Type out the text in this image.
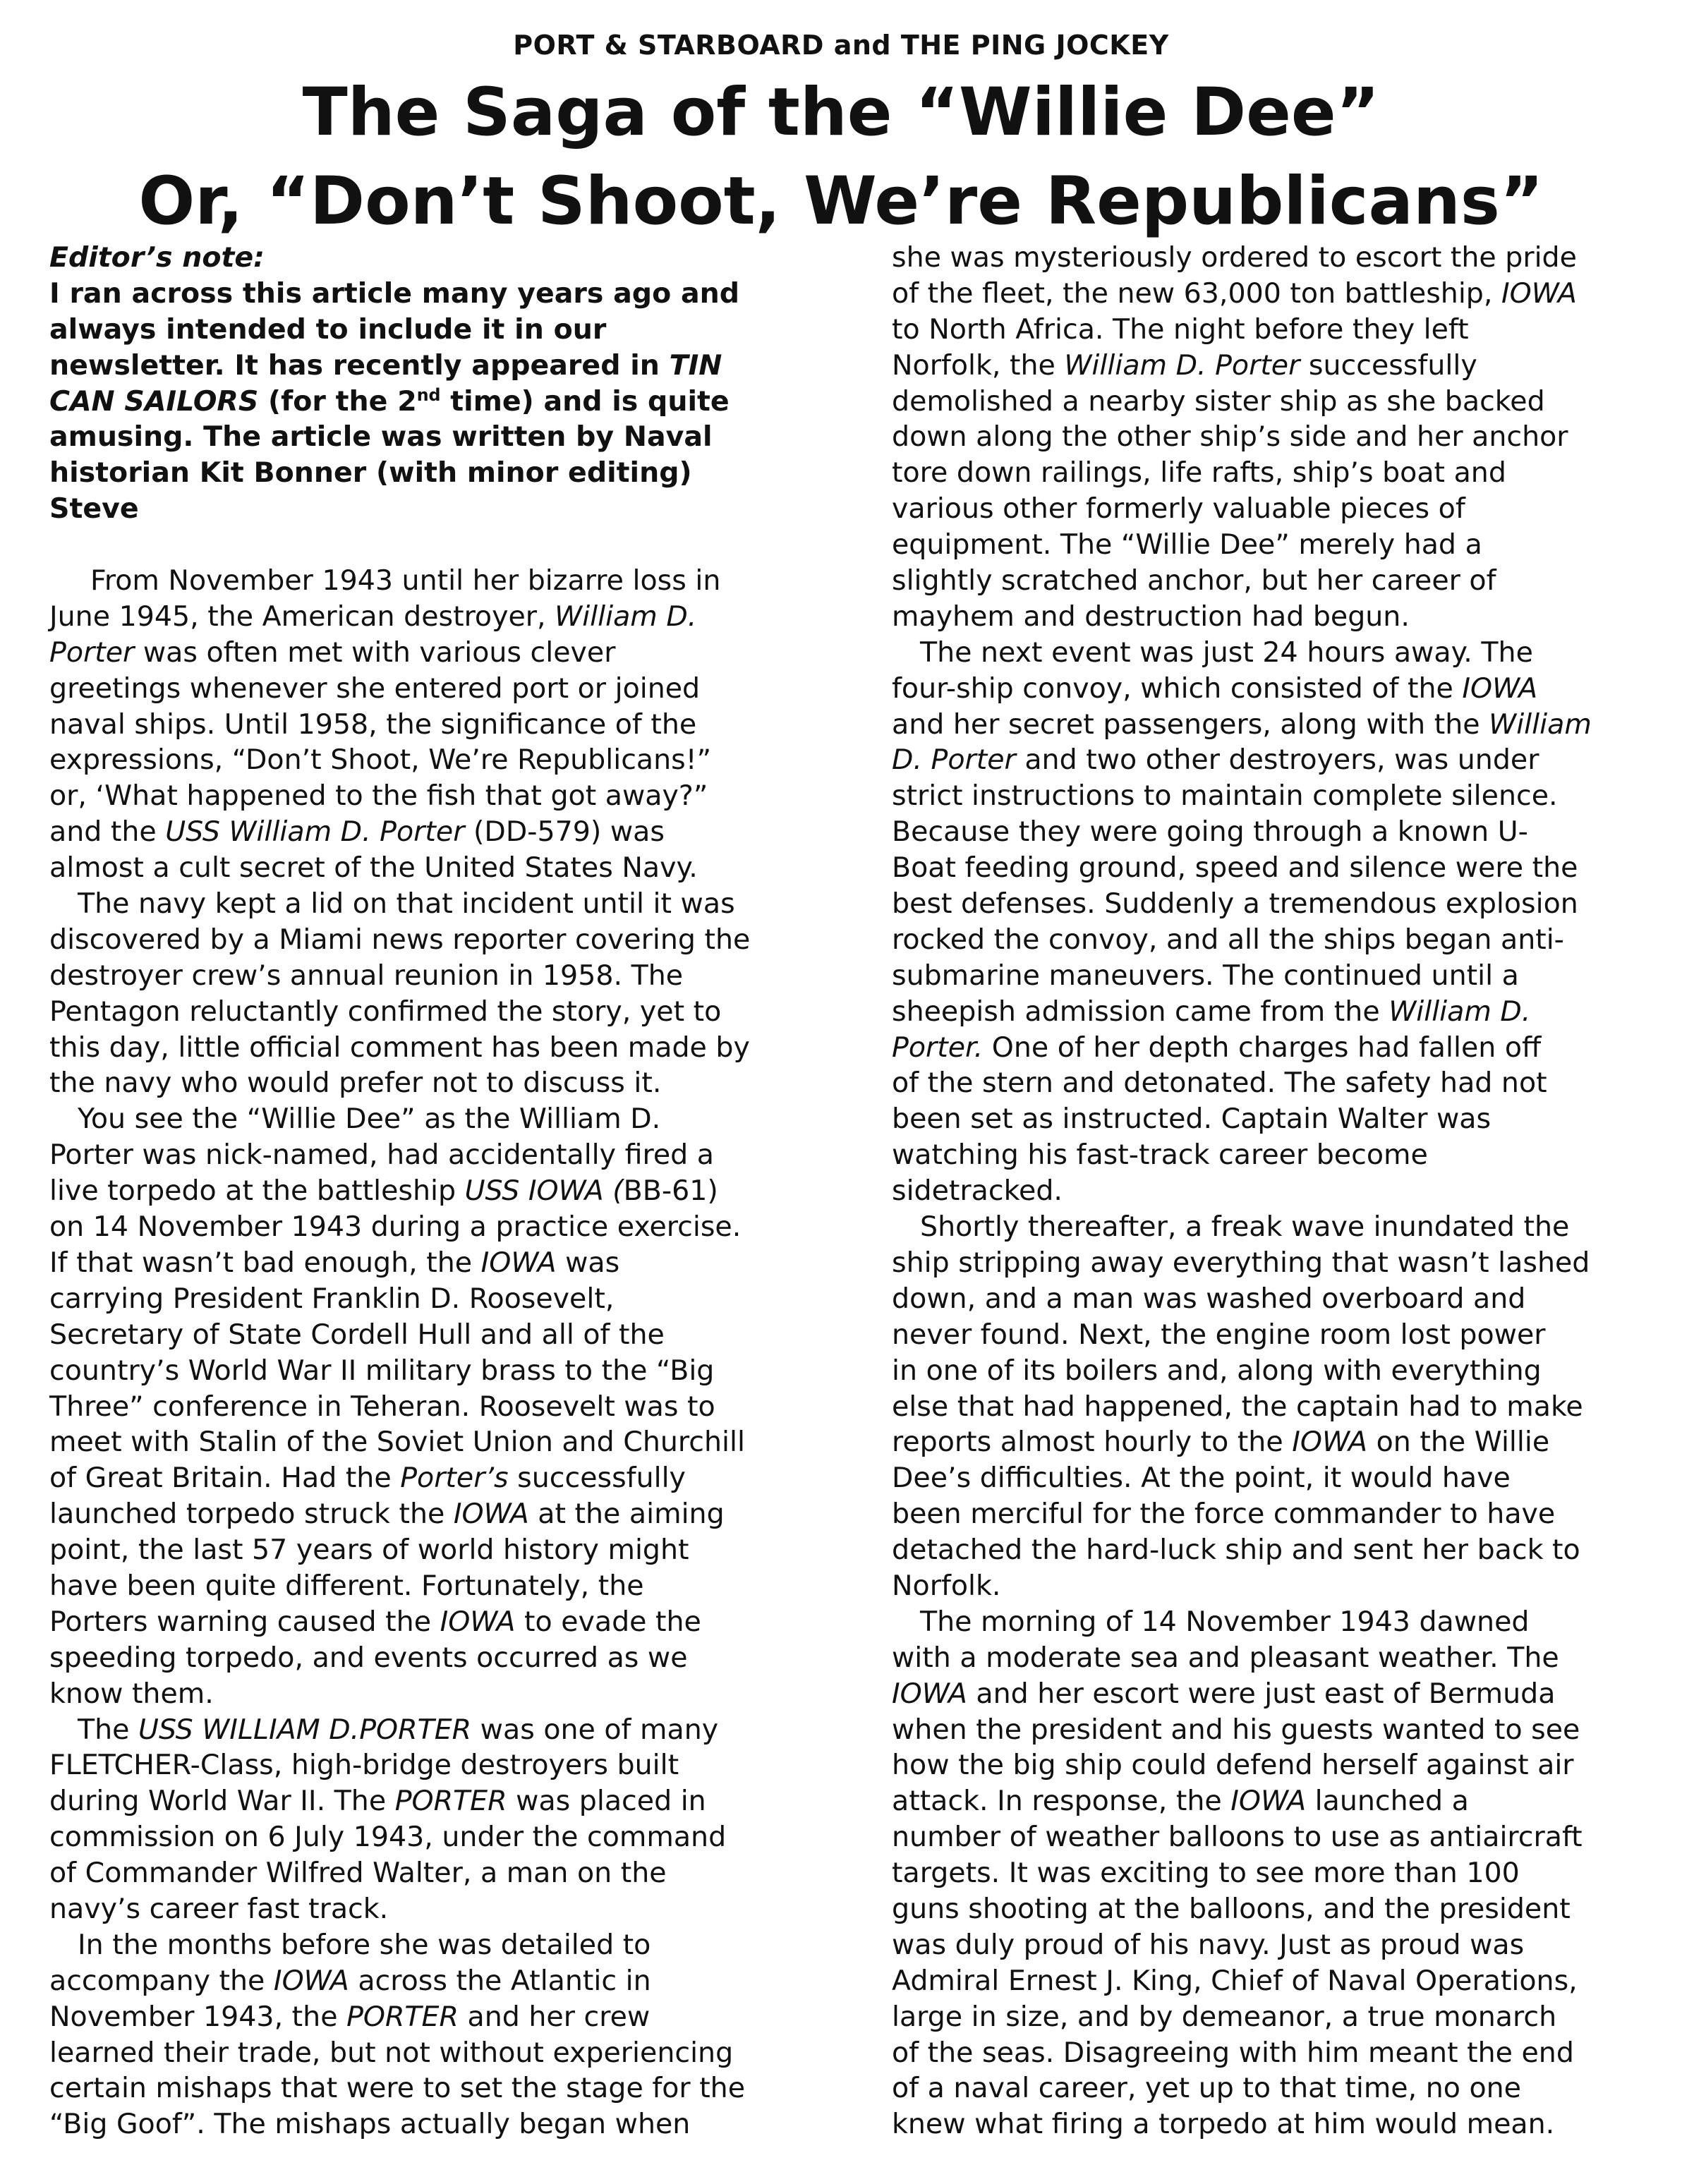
PORT & STARBOARD and THE PING JOCKEY
The Saga of the “Willie Dee”
Or, “Don’t Shoot, We’re Republicans”
Editor’s note:
I ran across this article many years ago and
always intended to include it in our
newsletter. It has recently appeared in TIN
CAN SAILORS (for the 2nd time) and is quite
amusing. The article was written by Naval
historian Kit Bonner (with minor editing)
Steve
From November 1943 until her bizarre loss in
June 1945, the American destroyer, William D.
Porter was often met with various clever
greetings whenever she entered port or joined
naval ships. Until 1958, the significance of the
expressions, “Don’t Shoot, We’re Republicans!”
or, ‘What happened to the fish that got away?”
and the USS William D. Porter (DD-579) was
almost a cult secret of the United States Navy.
The navy kept a lid on that incident until it was
discovered by a Miami news reporter covering the
destroyer crew’s annual reunion in 1958. The
Pentagon reluctantly confirmed the story, yet to
this day, little official comment has been made by
the navy who would prefer not to discuss it.
You see the “Willie Dee” as the William D.
Porter was nick-named, had accidentally fired a
live torpedo at the battleship USS IOWA (BB-61)
on 14 November 1943 during a practice exercise.
If that wasn’t bad enough, the IOWA was
carrying President Franklin D. Roosevelt,
Secretary of State Cordell Hull and all of the
country’s World War II military brass to the “Big
Three” conference in Teheran. Roosevelt was to
meet with Stalin of the Soviet Union and Churchill
of Great Britain. Had the Porter’s successfully
launched torpedo struck the IOWA at the aiming
point, the last 57 years of world history might
have been quite different. Fortunately, the
Porters warning caused the IOWA to evade the
speeding torpedo, and events occurred as we
know them.
The USS WILLIAM D.PORTER was one of many
FLETCHER-Class, high-bridge destroyers built
during World War II. The PORTER was placed in
commission on 6 July 1943, under the command
of Commander Wilfred Walter, a man on the
navy’s career fast track.
In the months before she was detailed to
accompany the IOWA across the Atlantic in
November 1943, the PORTER and her crew
learned their trade, but not without experiencing
certain mishaps that were to set the stage for the
“Big Goof”. The mishaps actually began when
she was mysteriously ordered to escort the pride
of the fleet, the new 63,000 ton battleship, IOWA
to North Africa. The night before they left
Norfolk, the William D. Porter successfully
demolished a nearby sister ship as she backed
down along the other ship’s side and her anchor
tore down railings, life rafts, ship’s boat and
various other formerly valuable pieces of
equipment. The “Willie Dee” merely had a
slightly scratched anchor, but her career of
mayhem and destruction had begun.
The next event was just 24 hours away. The
four-ship convoy, which consisted of the IOWA
and her secret passengers, along with the William
D. Porter and two other destroyers, was under
strict instructions to maintain complete silence.
Because they were going through a known U-
Boat feeding ground, speed and silence were the
best defenses. Suddenly a tremendous explosion
rocked the convoy, and all the ships began anti-
submarine maneuvers. The continued until a
sheepish admission came from the William D.
Porter. One of her depth charges had fallen off
of the stern and detonated. The safety had not
been set as instructed. Captain Walter was
watching his fast-track career become
sidetracked.
Shortly thereafter, a freak wave inundated the
ship stripping away everything that wasn’t lashed
down, and a man was washed overboard and
never found. Next, the engine room lost power
in one of its boilers and, along with everything
else that had happened, the captain had to make
reports almost hourly to the IOWA on the Willie
Dee’s difficulties. At the point, it would have
been merciful for the force commander to have
detached the hard-luck ship and sent her back to
Norfolk.
The morning of 14 November 1943 dawned
with a moderate sea and pleasant weather. The
IOWA and her escort were just east of Bermuda
when the president and his guests wanted to see
how the big ship could defend herself against air
attack. In response, the IOWA launched a
number of weather balloons to use as antiaircraft
targets. It was exciting to see more than 100
guns shooting at the balloons, and the president
was duly proud of his navy. Just as proud was
Admiral Ernest J. King, Chief of Naval Operations,
large in size, and by demeanor, a true monarch
of the seas. Disagreeing with him meant the end
of a naval career, yet up to that time, no one
knew what firing a torpedo at him would mean.
